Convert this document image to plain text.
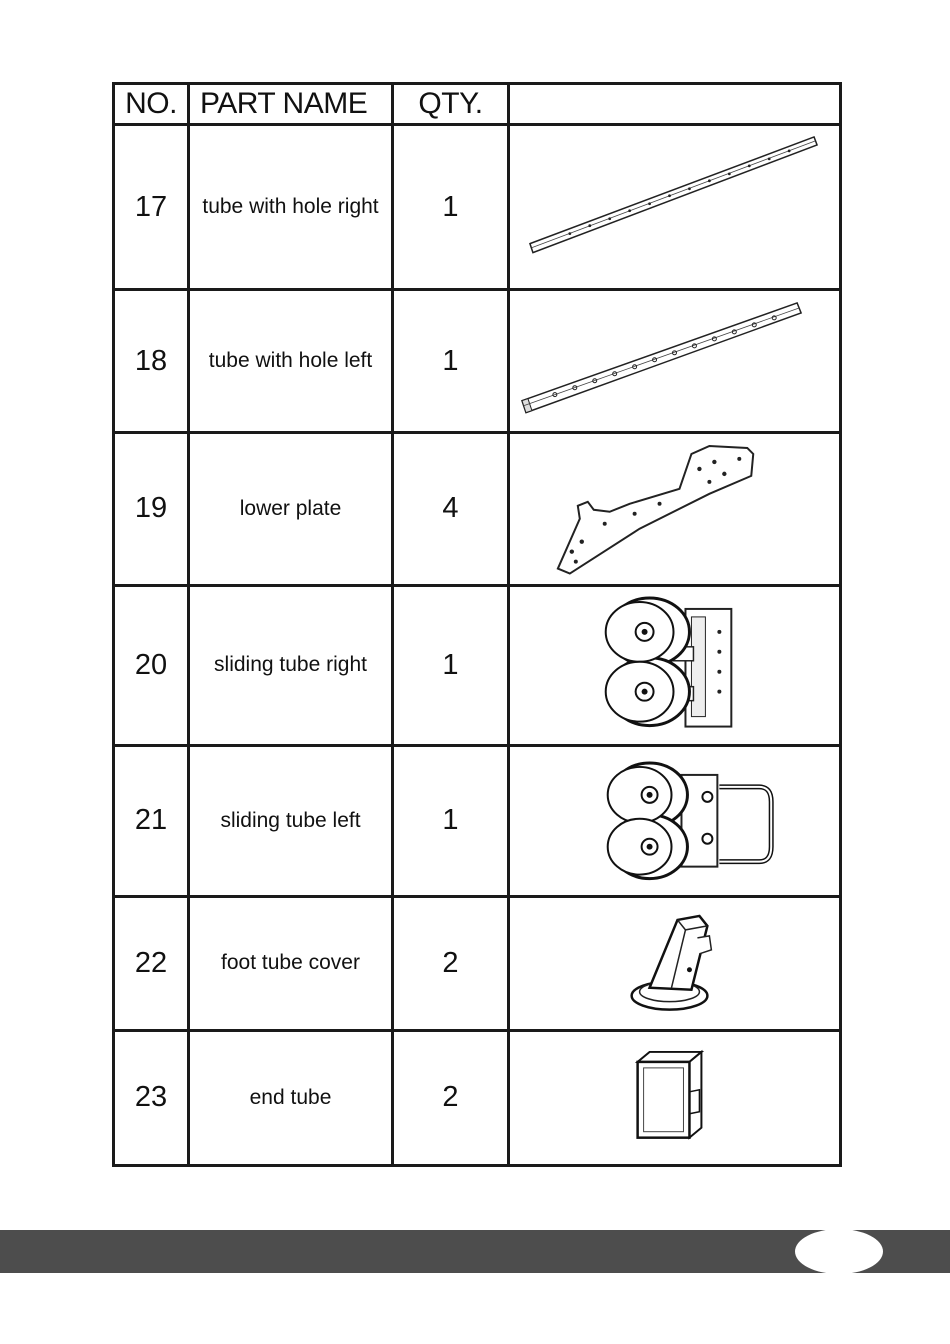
NO.	PART NAME	QTY.	
17	tube with hole right	1	

18	tube with hole left	1	

19	lower plate	4	

20	sliding tube right	1	

21	sliding tube left	1	

22	foot tube cover	2	

23	end tube	2	
